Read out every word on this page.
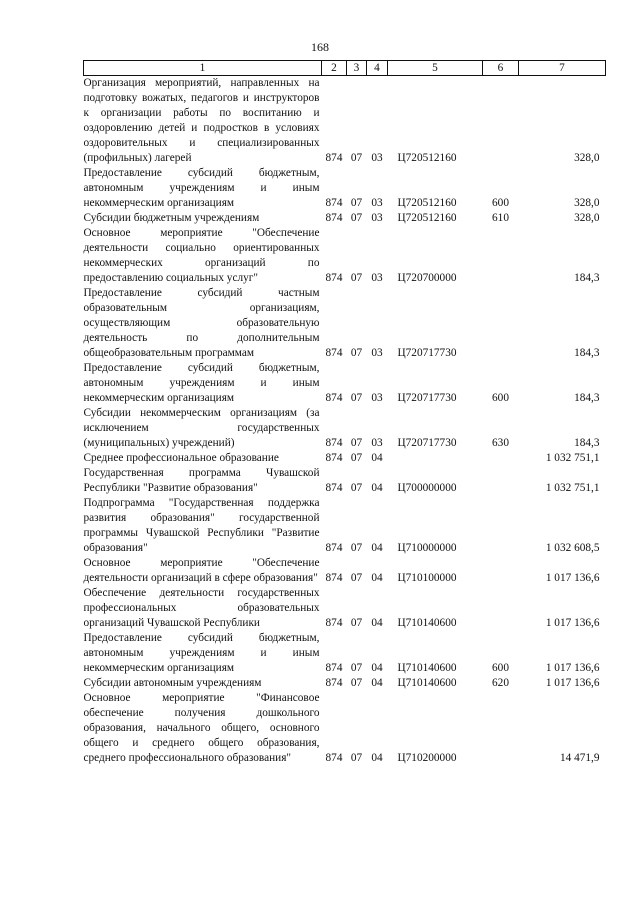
168
1	2	3	4	5	6	7
Организация мероприятий, направленных на подготовку вожатых, педагогов и инструкторов к организации работы по воспитанию и оздоровлению детей и подростков в условиях оздоровительных и специализированных (профильных) лагерей	874	07	03	Ц720512160		328,0
Предоставление субсидий бюджетным, автономным учреждениям и иным некоммерческим организациям	874	07	03	Ц720512160	600	328,0
Субсидии бюджетным учреждениям	874	07	03	Ц720512160	610	328,0
Основное мероприятие "Обеспечение деятельности социально ориентированных некоммерческих организаций по предоставлению социальных услуг"	874	07	03	Ц720700000		184,3
Предоставление субсидий частным образовательным организациям, осуществляющим образовательную деятельность по дополнительным общеобразовательным программам	874	07	03	Ц720717730		184,3
Предоставление субсидий бюджетным, автономным учреждениям и иным некоммерческим организациям	874	07	03	Ц720717730	600	184,3
Субсидии некоммерческим организациям (за исключением государственных (муниципальных) учреждений)	874	07	03	Ц720717730	630	184,3
Среднее профессиональное образование	874	07	04			1 032 751,1
Государственная программа Чувашской Республики "Развитие образования"	874	07	04	Ц700000000		1 032 751,1
Подпрограмма "Государственная поддержка развития образования" государственной программы Чувашской Республики "Развитие образования"	874	07	04	Ц710000000		1 032 608,5
Основное мероприятие "Обеспечение деятельности организаций в сфере образования"	874	07	04	Ц710100000		1 017 136,6
Обеспечение деятельности государственных профессиональных образовательных организаций Чувашской Республики	874	07	04	Ц710140600		1 017 136,6
Предоставление субсидий бюджетным, автономным учреждениям и иным некоммерческим организациям	874	07	04	Ц710140600	600	1 017 136,6
Субсидии автономным учреждениям	874	07	04	Ц710140600	620	1 017 136,6
Основное мероприятие "Финансовое обеспечение получения дошкольного образования, начального общего, основного общего и среднего общего образования, среднего профессионального образования"	874	07	04	Ц710200000		14 471,9
